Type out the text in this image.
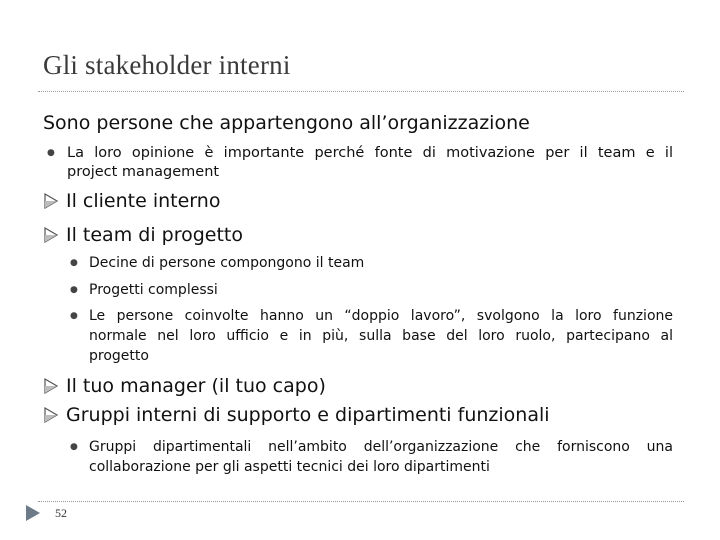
Gli stakeholder interni
Sono persone che appartengono all’organizzazione
● La loro opinione è importante perché fonte di motivazione per il team e il
project management
Il cliente interno
Il team di progetto
● Decine di persone compongono il team
● Progetti complessi
● Le persone coinvolte hanno un “doppio lavoro”, svolgono la loro funzione
normale nel loro ufficio e in più, sulla base del loro ruolo, partecipano al
progetto
Il tuo manager (il tuo capo)
Gruppi interni di supporto e dipartimenti funzionali
● Gruppi dipartimentali nell’ambito dell’organizzazione che forniscono una
collaborazione per gli aspetti tecnici dei loro dipartimenti
52
